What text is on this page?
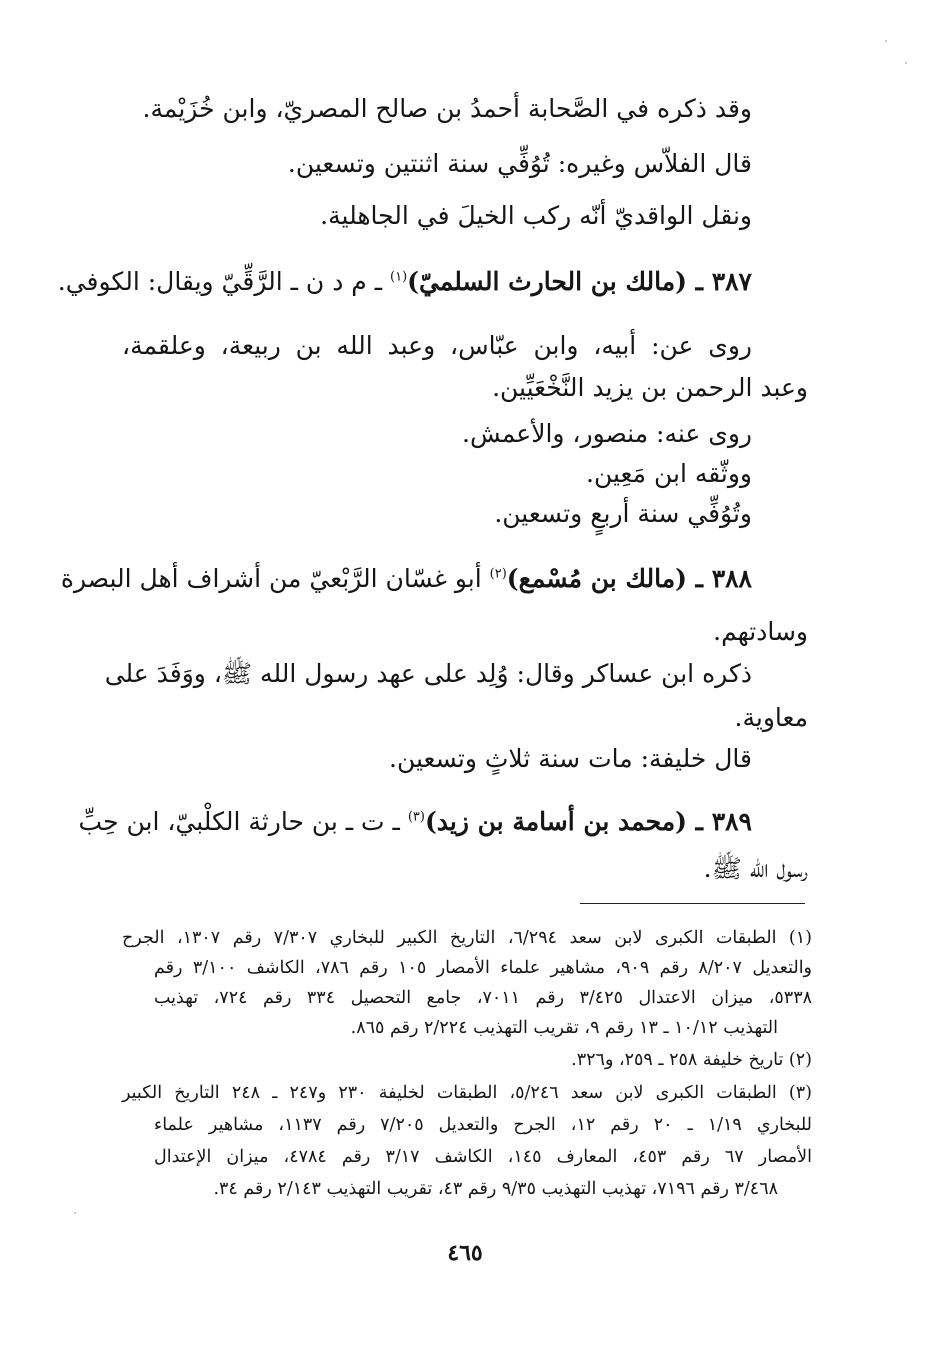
وقد ذكره في الصَّحابة أحمدُ بن صالح المصريّ، وابن خُزَيْمة.
قال الفلاّس وغيره: تُوُفِّي سنة اثنتين وتسعين.
ونقل الواقديّ أنّه ركب الخيلَ في الجاهلية.
٣٨٧ ـ (مالك بن الحارث السلميّ)$^{(١)}$ ـ م د ن ـ الرَّقِّيّ ويقال: الكوفي.
روى عن: أبيه، وابن عبّاس، وعبد الله بن ربيعة، وعلقمة،
وعبد الرحمن بن يزيد النَّخْعَيِّين.
روى عنه: منصور، والأعمش.
ووثّقه ابن مَعِين.
وتُوُفِّي سنة أربعٍ وتسعين.
٣٨٨ ـ (مالك بن مُسْمع)$^{(٢)}$ أبو غسّان الرَّبْعيّ من أشراف أهل البصرة
وسادتهم.
ذكره ابن عساكر وقال: وُلِد على عهد رسول الله ﷺ، ووَفَدَ على
معاوية.
قال خليفة: مات سنة ثلاثٍ وتسعين.
٣٨٩ ـ (محمد بن أسامة بن زيد)$^{(٣)}$ ـ ت ـ بن حارثة الكلْبيّ، ابن حِبِّ
رسول الله ﷺ.
(١) الطبقات الكبرى لابن سعد ٦/٢٩٤، التاريخ الكبير للبخاري ٧/٣٠٧ رقم ١٣٠٧، الجرح
والتعديل ٨/٢٠٧ رقم ٩٠٩، مشاهير علماء الأمصار ١٠٥ رقم ٧٨٦، الكاشف ٣/١٠٠ رقم
٥٣٣٨، ميزان الاعتدال ٣/٤٢٥ رقم ٧٠١١، جامع التحصيل ٣٣٤ رقم ٧٢٤، تهذيب
التهذيب ١٠/١٢ ـ ١٣ رقم ٩، تقريب التهذيب ٢/٢٢٤ رقم ٨٦٥.
(٢) تاريخ خليفة ٢٥٨ ـ ٢٥٩، و٣٢٦.
(٣) الطبقات الكبرى لابن سعد ٥/٢٤٦، الطبقات لخليفة ٢٣٠ و٢٤٧ ـ ٢٤٨ التاريخ الكبير
للبخاري ١/١٩ ـ ٢٠ رقم ١٢، الجرح والتعديل ٧/٢٠٥ رقم ١١٣٧، مشاهير علماء
الأمصار ٦٧ رقم ٤٥٣، المعارف ١٤٥، الكاشف ٣/١٧ رقم ٤٧٨٤، ميزان الإعتدال
٣/٤٦٨ رقم ٧١٩٦، تهذيب التهذيب ٩/٣٥ رقم ٤٣، تقريب التهذيب ٢/١٤٣ رقم ٣٤.
٤٦٥
